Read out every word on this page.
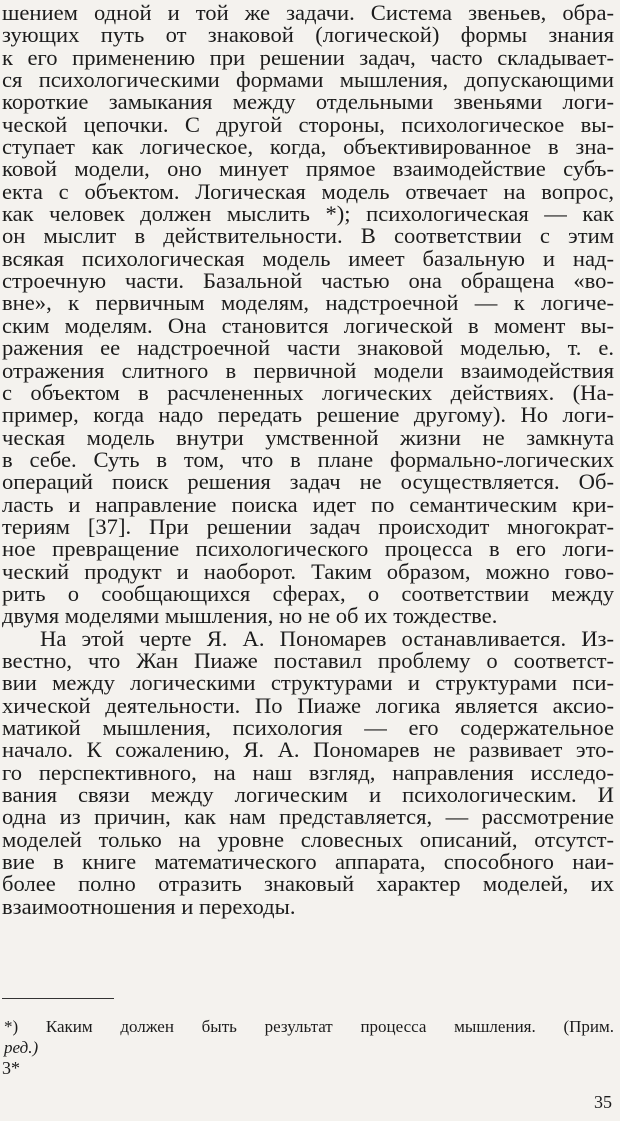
шением одной и той же задачи. Система звеньев, обра-
зующих путь от знаковой (логической) формы знания
к его применению при решении задач, часто складывает-
ся психологическими формами мышления, допускающими
короткие замыкания между отдельными звеньями логи-
ческой цепочки. С другой стороны, психологическое вы-
ступает как логическое, когда, объективированное в зна-
ковой модели, оно минует прямое взаимодействие субъ-
екта с объектом. Логическая модель отвечает на вопрос,
как человек должен мыслить *); психологическая — как
он мыслит в действительности. В соответствии с этим
всякая психологическая модель имеет базальную и над-
строечную части. Базальной частью она обращена «во-
вне», к первичным моделям, надстроечной — к логиче-
ским моделям. Она становится логической в момент вы-
ражения ее надстроечной части знаковой моделью, т. е.
отражения слитного в первичной модели взаимодействия
с объектом в расчлененных логических действиях. (На-
пример, когда надо передать решение другому). Но логи-
ческая модель внутри умственной жизни не замкнута
в себе. Суть в том, что в плане формально-логических
операций поиск решения задач не осуществляется. Об-
ласть и направление поиска идет по семантическим кри-
териям [37]. При решении задач происходит многократ-
ное превращение психологического процесса в его логи-
ческий продукт и наоборот. Таким образом, можно гово-
рить о сообщающихся сферах, о соответствии между
двумя моделями мышления, но не об их тождестве.
На этой черте Я. А. Пономарев останавливается. Из-
вестно, что Жан Пиаже поставил проблему о соответст-
вии между логическими структурами и структурами пси-
хической деятельности. По Пиаже логика является аксио-
матикой мышления, психология — его содержательное
начало. К сожалению, Я. А. Пономарев не развивает это-
го перспективного, на наш взгляд, направления исследо-
вания связи между логическим и психологическим. И
одна из причин, как нам представляется, — рассмотрение
моделей только на уровне словесных описаний, отсутст-
вие в книге математического аппарата, способного наи-
более полно отразить знаковый характер моделей, их
взаимоотношения и переходы.
*) Каким должен быть результат процесса мышления. (Прим.
ред.)
3*
35
